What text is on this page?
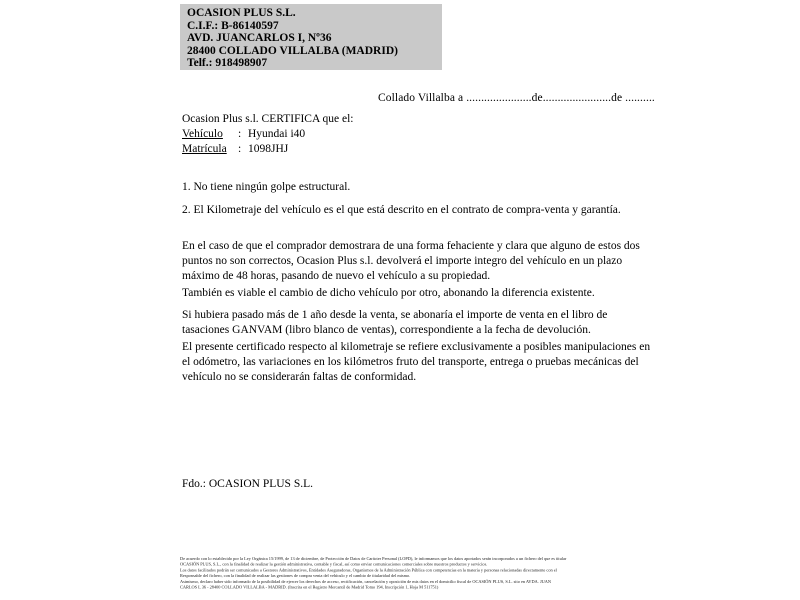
OCASION PLUS S.L.
C.I.F.: B-86140597
AVD. JUANCARLOS I, Nº36
28400 COLLADO VILLALBA (MADRID)
Telf.: 918498907
Collado Villalba a ......................de.......................de ..........
Ocasion Plus s.l. CERTIFICA que el:
Vehículo : Hyundai i40
Matrícula : 1098JHJ
1. No tiene ningún golpe estructural.
2. El Kilometraje del vehículo es el que está descrito en el contrato de compra-venta y garantía.
En el caso de que el comprador demostrara de una forma fehaciente y clara que alguno de estos dos puntos no son correctos, Ocasion Plus s.l. devolverá el importe integro del vehículo en un plazo máximo de 48 horas, pasando de nuevo el vehículo a su propiedad.
También es viable el cambio de dicho vehículo por otro, abonando la diferencia existente.
Si hubiera pasado más de 1 año desde la venta, se abonaría el importe de venta en el libro de tasaciones GANVAM (libro blanco de ventas), correspondiente a la fecha de devolución.
El presente certificado respecto al kilometraje se refiere exclusivamente a posibles manipulaciones en el odómetro, las variaciones en los kilómetros fruto del transporte, entrega o pruebas mecánicas del vehículo no se considerarán faltas de conformidad.
Fdo.: OCASION PLUS S.L.
De acuerdo con lo establecido por la Ley Orgánica 15/1999, de 13 de diciembre, de Protección de Datos de Carácter Personal (LOPD), le informamos que los datos aportados serán incorporados a un fichero del que es titular
OCASIÓN PLUS, S.L., con la finalidad de realizar la gestión administrativa, contable y fiscal, así como enviar comunicaciones comerciales sobre nuestros productos y servicios.
Los datos facilitados podrán ser comunicados a Gestores Administrativos, Entidades Aseguradoras, Organismos de la Administración Pública con competencias en la materia y personas relacionadas directamente con el
Responsable del fichero, con la finalidad de realizar las gestiones de compra venta del vehículo y el cambio de titularidad del mismo.
Asimismo, declaro haber sido informado de la posibilidad de ejercer los derechos de acceso, rectificación, cancelación y oposición de mis datos en el domicilio fiscal de OCASIÓN PLUS, S.L. sito en AVDA. JUAN
CARLOS I, 36 - 28400 COLLADO VILLALBA - MADRID. (Inscrita en el Registro Mercantil de Madrid Tomo 194, Inscripción 1, Hoja M 511751)
